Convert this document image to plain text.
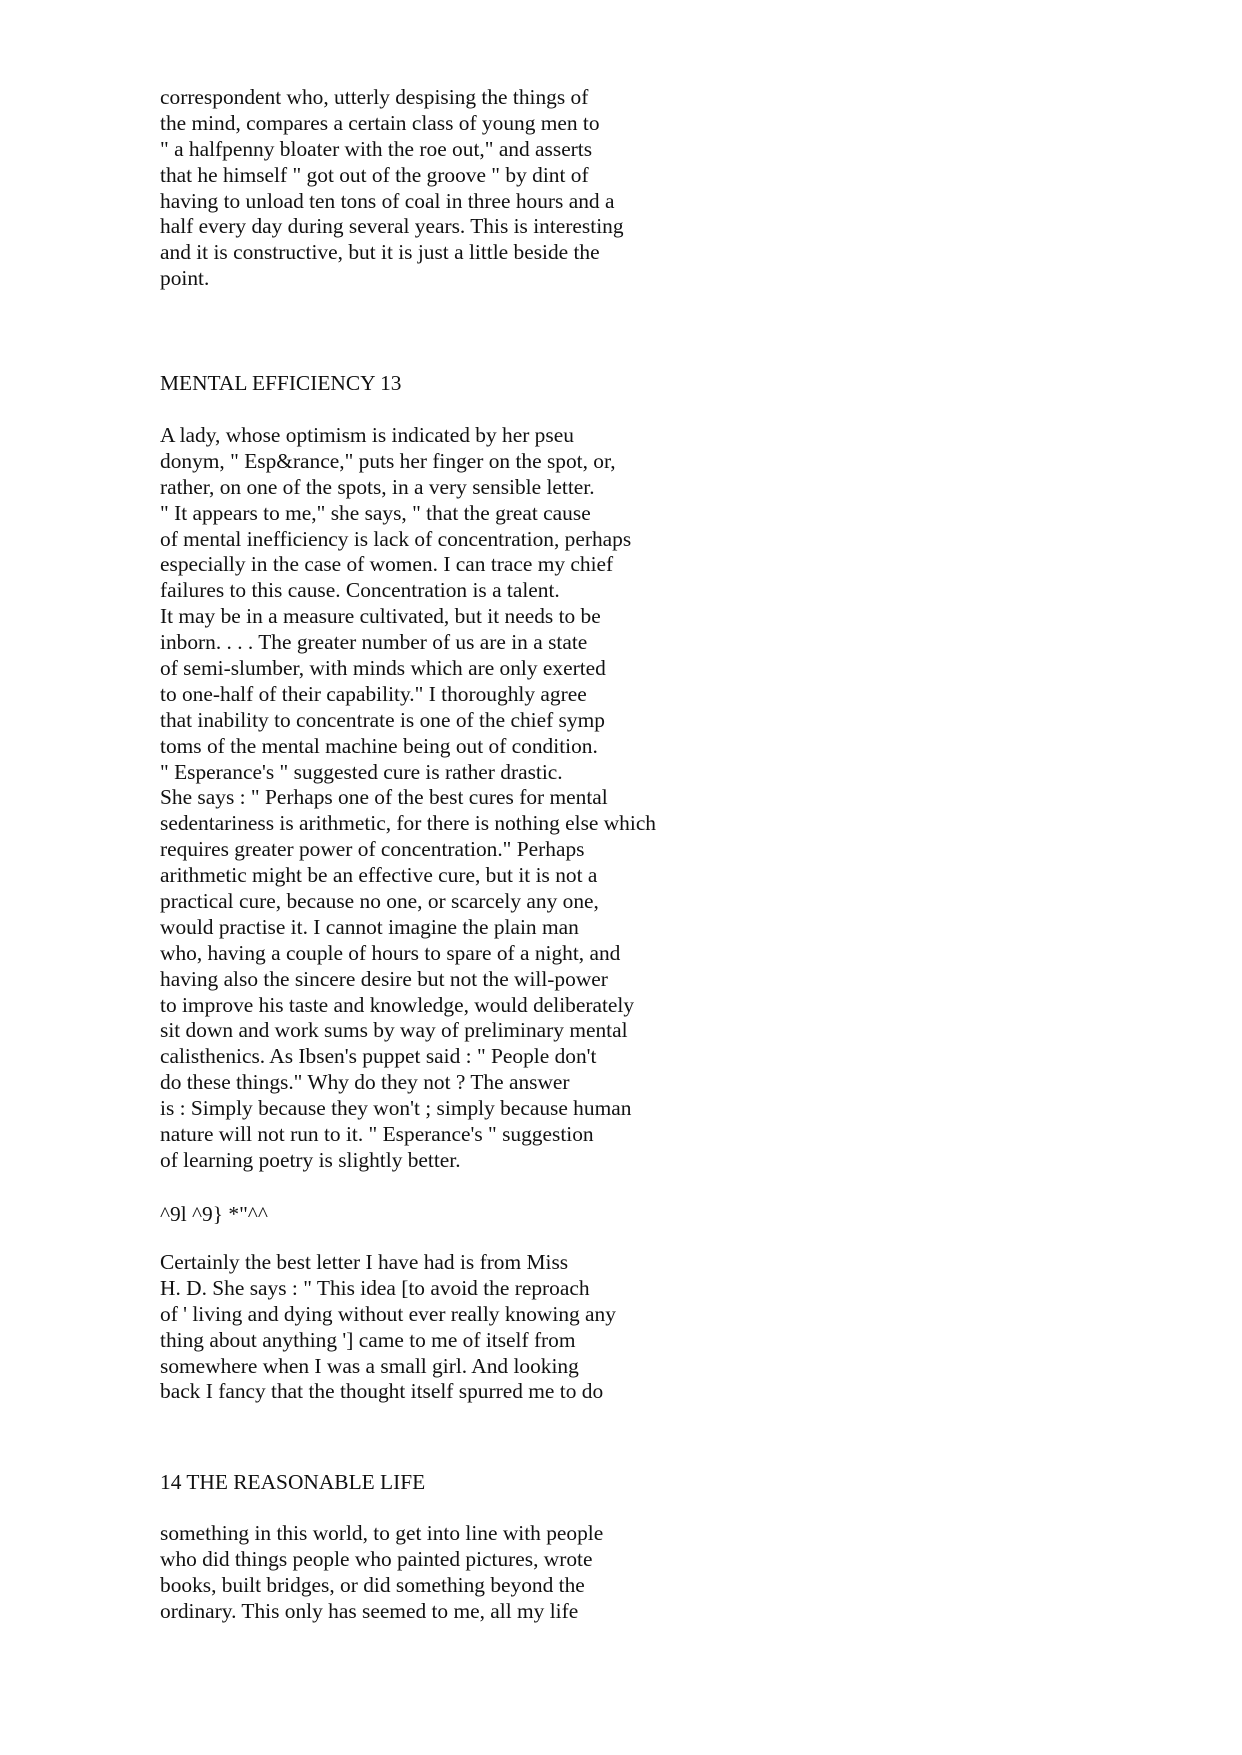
correspondent who, utterly despising the things of
the mind, compares a certain class of young men to
" a halfpenny bloater with the roe out," and asserts
that he himself " got out of the groove " by dint of
having to unload ten tons of coal in three hours and a
half every day during several years. This is interesting
and it is constructive, but it is just a little beside the
point.
MENTAL EFFICIENCY 13
A lady, whose optimism is indicated by her pseu
donym, " Esp&rance," puts her finger on the spot, or,
rather, on one of the spots, in a very sensible letter.
" It appears to me," she says, " that the great cause
of mental inefficiency is lack of concentration, perhaps
especially in the case of women. I can trace my chief
failures to this cause. Concentration is a talent.
It may be in a measure cultivated, but it needs to be
inborn. . . . The greater number of us are in a state
of semi-slumber, with minds which are only exerted
to one-half of their capability." I thoroughly agree
that inability to concentrate is one of the chief symp
toms of the mental machine being out of condition.
" Esperance's " suggested cure is rather drastic.
She says : " Perhaps one of the best cures for mental
sedentariness is arithmetic, for there is nothing else which
requires greater power of concentration." Perhaps
arithmetic might be an effective cure, but it is not a
practical cure, because no one, or scarcely any one,
would practise it. I cannot imagine the plain man
who, having a couple of hours to spare of a night, and
having also the sincere desire but not the will-power
to improve his taste and knowledge, would deliberately
sit down and work sums by way of preliminary mental
calisthenics. As Ibsen's puppet said : " People don't
do these things." Why do they not ? The answer
is : Simply because they won't ; simply because human
nature will not run to it. " Esperance's " suggestion
of learning poetry is slightly better.
^9l ^9} *"^^
Certainly the best letter I have had is from Miss
H. D. She says : " This idea [to avoid the reproach
of ' living and dying without ever really knowing any
thing about anything '] came to me of itself from
somewhere when I was a small girl. And looking
back I fancy that the thought itself spurred me to do
14 THE REASONABLE LIFE
something in this world, to get into line with people
who did things people who painted pictures, wrote
books, built bridges, or did something beyond the
ordinary. This only has seemed to me, all my life
